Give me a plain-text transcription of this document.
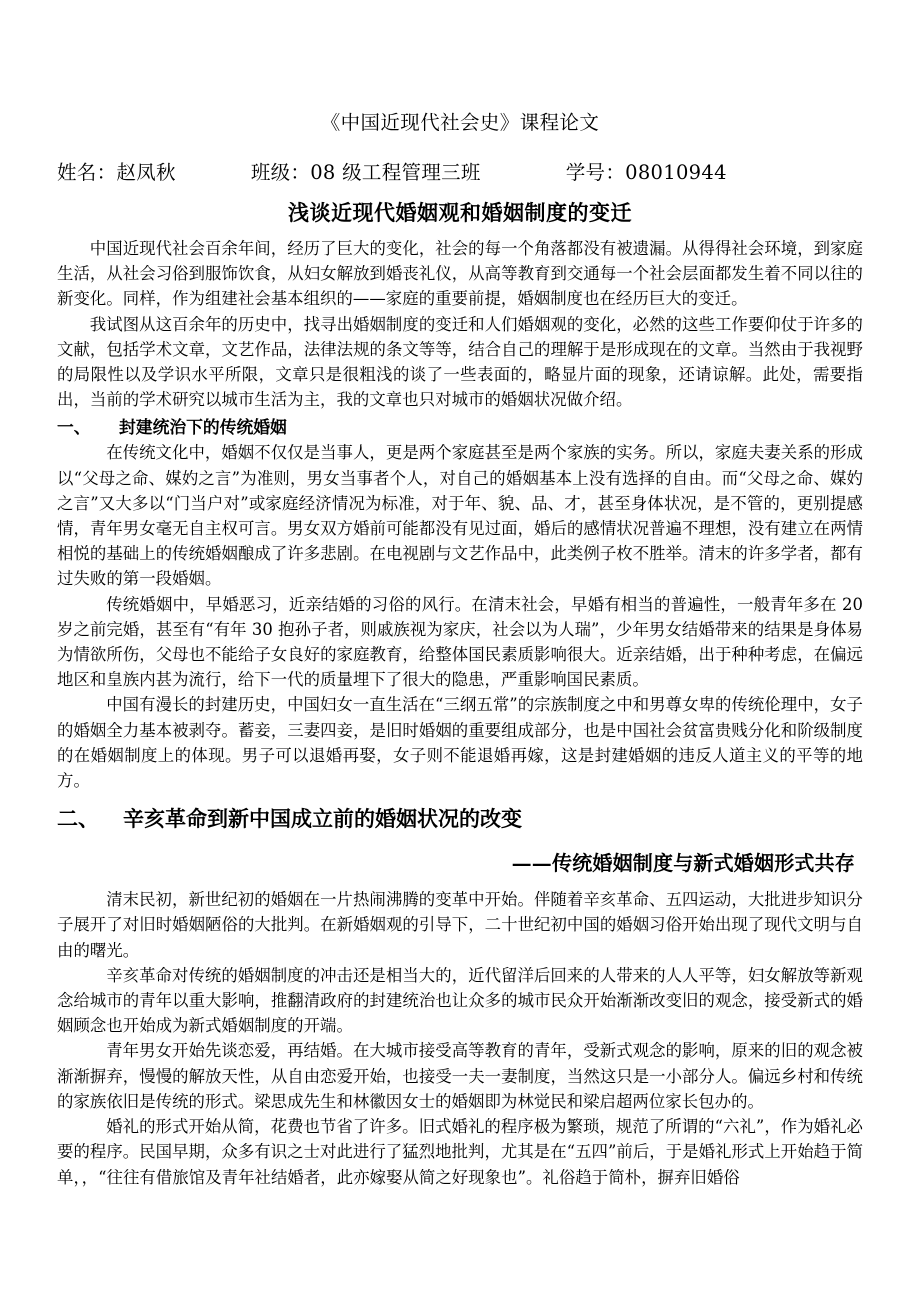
《中国近现代社会史》课程论文
姓名：赵凤秋	班级：08 级工程管理三班	学号：08010944
浅谈近现代婚姻观和婚姻制度的变迁

中国近现代社会百余年间，经历了巨大的变化，社会的每一个角落都没有被遗漏。从得得社会环境，到家庭生活，从社会习俗到服饰饮食，从妇女解放到婚丧礼仪，从高等教育到交通每一个社会层面都发生着不同以往的新变化。同样，作为组建社会基本组织的——家庭的重要前提，婚姻制度也在经历巨大的变迁。

我试图从这百余年的历史中，找寻出婚姻制度的变迁和人们婚姻观的变化，必然的这些工作要仰仗于许多的文献，包括学术文章，文艺作品，法律法规的条文等等，结合自己的理解于是形成现在的文章。当然由于我视野的局限性以及学识水平所限，文章只是很粗浅的谈了一些表面的，略显片面的现象，还请谅解。此处，需要指出，当前的学术研究以城市生活为主，我的文章也只对城市的婚姻状况做介绍。

一、 封建统治下的传统婚姻

在传统文化中，婚姻不仅仅是当事人，更是两个家庭甚至是两个家族的实务。所以，家庭夫妻关系的形成以“父母之命、媒妁之言”为准则，男女当事者个人，对自己的婚姻基本上没有选择的自由。而“父母之命、媒妁之言”又大多以“门当户对”或家庭经济情况为标准，对于年、貌、品、才，甚至身体状况，是不管的，更别提感情，青年男女毫无自主权可言。男女双方婚前可能都没有见过面，婚后的感情状况普遍不理想，没有建立在两情相悦的基础上的传统婚姻酿成了许多悲剧。在电视剧与文艺作品中，此类例子枚不胜举。清末的许多学者，都有过失败的第一段婚姻。

传统婚姻中，早婚恶习，近亲结婚的习俗的风行。在清末社会，早婚有相当的普遍性，一般青年多在 20 岁之前完婚，甚至有“有年 30 抱孙子者，则戚族视为家庆，社会以为人瑞”，少年男女结婚带来的结果是身体易为情欲所伤，父母也不能给子女良好的家庭教育，给整体国民素质影响很大。近亲结婚，出于种种考虑，在偏远地区和皇族内甚为流行，给下一代的质量埋下了很大的隐患，严重影响国民素质。

中国有漫长的封建历史，中国妇女一直生活在“三纲五常”的宗族制度之中和男尊女卑的传统伦理中，女子的婚姻全力基本被剥夺。蓄妾，三妻四妾，是旧时婚姻的重要组成部分，也是中国社会贫富贵贱分化和阶级制度的在婚姻制度上的体现。男子可以退婚再娶，女子则不能退婚再嫁，这是封建婚姻的违反人道主义的平等的地方。

二、 辛亥革命到新中国成立前的婚姻状况的改变
——传统婚姻制度与新式婚姻形式共存

清末民初，新世纪初的婚姻在一片热闹沸腾的变革中开始。伴随着辛亥革命、五四运动，大批进步知识分子展开了对旧时婚姻陋俗的大批判。在新婚姻观的引导下，二十世纪初中国的婚姻习俗开始出现了现代文明与自由的曙光。

辛亥革命对传统的婚姻制度的冲击还是相当大的，近代留洋后回来的人带来的人人平等，妇女解放等新观念给城市的青年以重大影响，推翻清政府的封建统治也让众多的城市民众开始渐渐改变旧的观念，接受新式的婚姻顾念也开始成为新式婚姻制度的开端。

青年男女开始先谈恋爱，再结婚。在大城市接受高等教育的青年，受新式观念的影响，原来的旧的观念被渐渐摒弃，慢慢的解放天性，从自由恋爱开始，也接受一夫一妻制度，当然这只是一小部分人。偏远乡村和传统的家族依旧是传统的形式。梁思成先生和林徽因女士的婚姻即为林觉民和梁启超两位家长包办的。

婚礼的形式开始从简，花费也节省了许多。旧式婚礼的程序极为繁琐，规范了所谓的“六礼”，作为婚礼必要的程序。民国早期，众多有识之士对此进行了猛烈地批判，尤其是在“五四”前后，于是婚礼形式上开始趋于简单，，“往往有借旅馆及青年社结婚者，此亦嫁娶从简之好现象也”。礼俗趋于简朴，摒弃旧婚俗
